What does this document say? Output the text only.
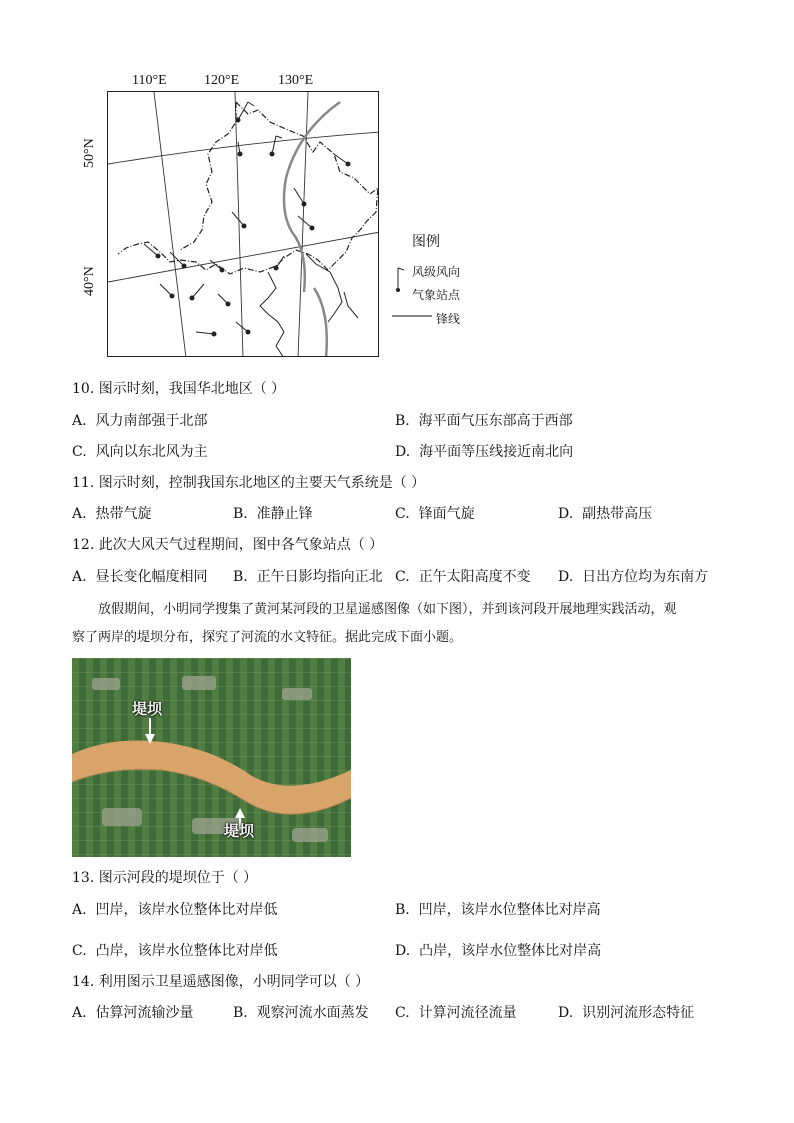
110°E	120°E	130°E
50°N
40°N
图例
风级风向
气象站点
锋线
10. 图示时刻，我国华北地区（ ）
A. 风力南部强于北部	B. 海平面气压东部高于西部
C. 风向以东北风为主	D. 海平面等压线接近南北向
11. 图示时刻，控制我国东北地区的主要天气系统是（ ）
A. 热带气旋	B. 准静止锋	C. 锋面气旋	D. 副热带高压
12. 此次大风天气过程期间，图中各气象站点（ ）
A. 昼长变化幅度相同 B. 正午日影均指向正北 C. 正午太阳高度不变 D. 日出方位均为东南方
放假期间，小明同学搜集了黄河某河段的卫星遥感图像（如下图），并到该河段开展地理实践活动，观
察了两岸的堤坝分布，探究了河流的水文特征。据此完成下面小题。
堤坝
堤坝
13. 图示河段的堤坝位于（ ）
A. 凹岸，该岸水位整体比对岸低	B. 凹岸，该岸水位整体比对岸高
C. 凸岸，该岸水位整体比对岸低	D. 凸岸，该岸水位整体比对岸高
14. 利用图示卫星遥感图像，小明同学可以（ ）
A. 估算河流输沙量	B. 观察河流水面蒸发 C. 计算河流径流量	D. 识别河流形态特征
